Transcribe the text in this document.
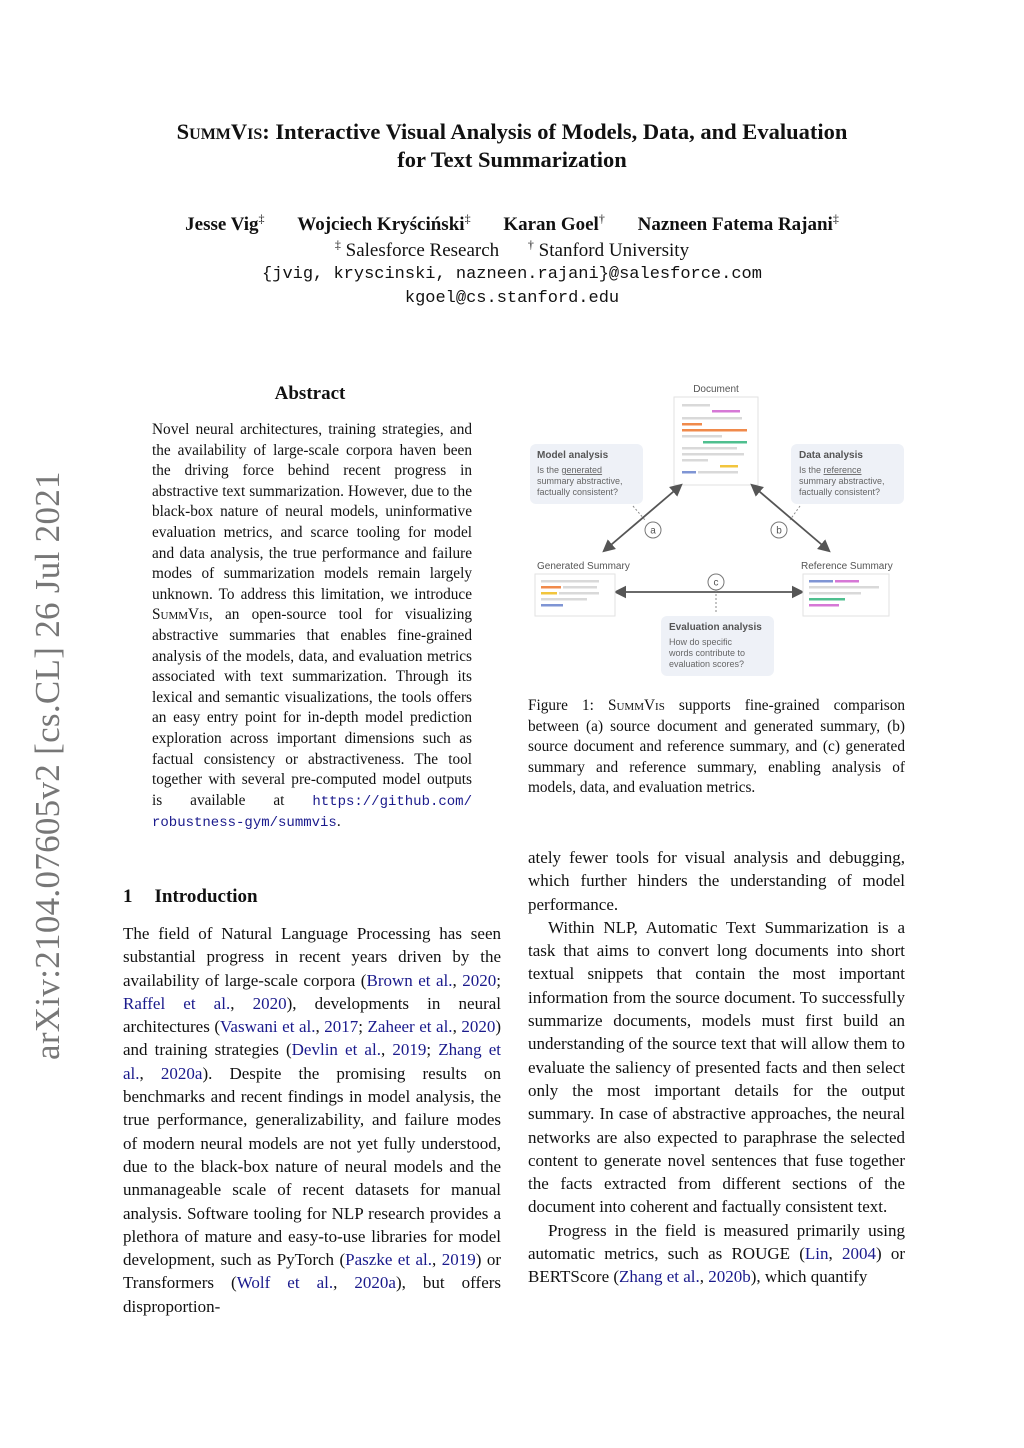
SummVis: Interactive Visual Analysis of Models, Data, and Evaluation
for Text Summarization
Jesse Vig‡ Wojciech Kryściński‡ Karan Goel† Nazneen Fatema Rajani‡
‡ Salesforce Research † Stanford University
{jvig, kryscinski, nazneen.rajani}@salesforce.com
kgoel@cs.stanford.edu
arXiv:2104.07605v2 [cs.CL] 26 Jul 2021
Abstract
Novel neural architectures, training strategies, and the availability of large-scale corpora haven been the driving force behind recent progress in abstractive text summarization. However, due to the black-box nature of neural models, uninformative evaluation metrics, and scarce tooling for model and data analysis, the true performance and failure modes of summarization models remain largely unknown. To address this limitation, we introduce SummVis, an open-source tool for visualizing abstractive summaries that enables fine-grained analysis of the models, data, and evaluation metrics associated with text summarization. Through its lexical and semantic visualizations, the tools offers an easy entry point for in-depth model prediction exploration across important dimensions such as factual consistency or abstractiveness. The tool together with several pre-computed model outputs is available at https://github.com/ robustness-gym/summvis.
1 Introduction
The field of Natural Language Processing has seen substantial progress in recent years driven by the availability of large-scale corpora (Brown et al., 2020; Raffel et al., 2020), developments in neural architectures (Vaswani et al., 2017; Zaheer et al., 2020) and training strategies (Devlin et al., 2019; Zhang et al., 2020a). Despite the promising results on benchmarks and recent findings in model analysis, the true performance, generalizability, and failure modes of modern neural models are not yet fully understood, due to the black-box nature of neural models and the unmanageable scale of recent datasets for manual analysis. Software tooling for NLP research provides a plethora of mature and easy-to-use libraries for model development, such as PyTorch (Paszke et al., 2019) or Transformers (Wolf et al., 2020a), but offers disproportion-
Document
Model analysis
Is the generated
summary abstractive,
factually consistent?
Data analysis
Is the reference
summary abstractive,
factually consistent?
a	b
c
Generated Summary	Reference Summary
Evaluation analysis
How do specific
words contribute to
evaluation scores?
Figure 1: SummVis supports fine-grained comparison between (a) source document and generated summary, (b) source document and reference summary, and (c) generated summary and reference summary, enabling analysis of models, data, and evaluation metrics.

ately fewer tools for visual analysis and debugging, which further hinders the understanding of model performance.

Within NLP, Automatic Text Summarization is a task that aims to convert long documents into short textual snippets that contain the most important information from the source document. To successfully summarize documents, models must first build an understanding of the source text that will allow them to evaluate the saliency of presented facts and then select only the most important details for the output summary. In case of abstractive approaches, the neural networks are also expected to paraphrase the selected content to generate novel sentences that fuse together the facts extracted from different sections of the document into coherent and factually consistent text.

Progress in the field is measured primarily using automatic metrics, such as ROUGE (Lin, 2004) or BERTScore (Zhang et al., 2020b), which quantify
